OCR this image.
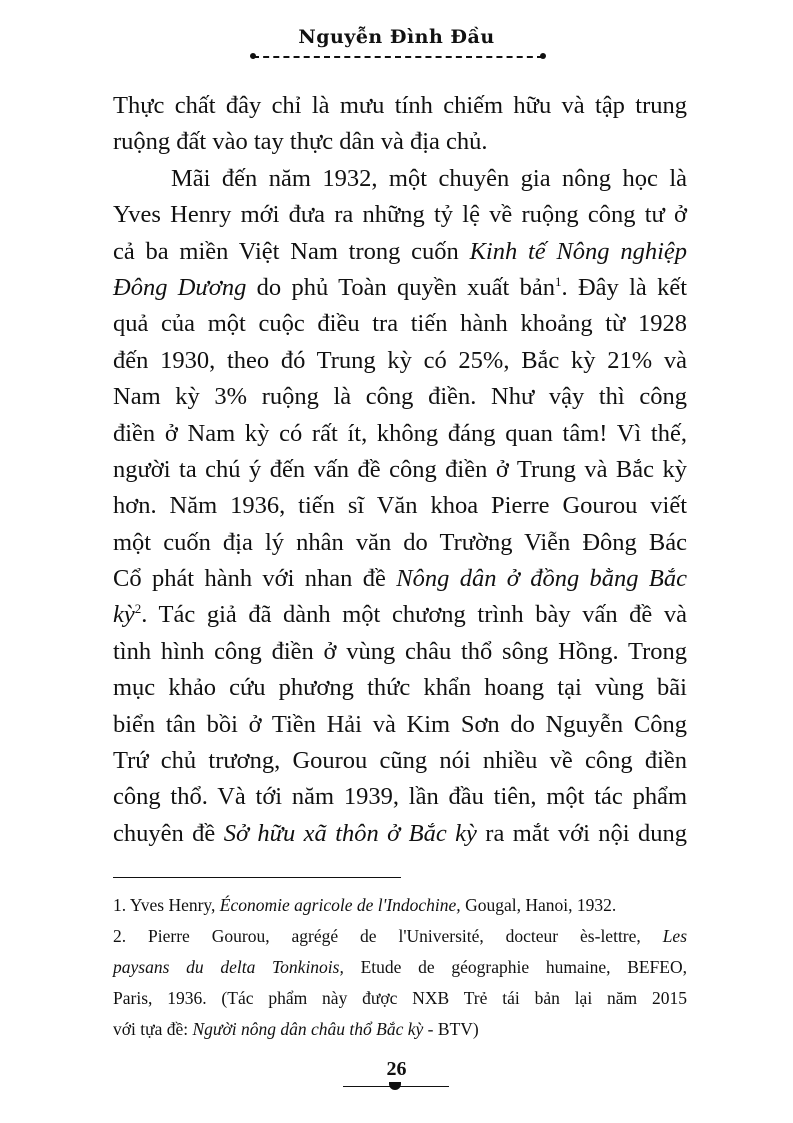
Nguyễn Đình Đầu
Thực chất đây chỉ là mưu tính chiếm hữu và tập trung
ruộng đất vào tay thực dân và địa chủ.
Mãi đến năm 1932, một chuyên gia nông học là
Yves Henry mới đưa ra những tỷ lệ về ruộng công tư ở
cả ba miền Việt Nam trong cuốn Kinh tế Nông nghiệp
Đông Dương do phủ Toàn quyền xuất bản$^1$. Đây là kết
quả của một cuộc điều tra tiến hành khoảng từ 1928
đến 1930, theo đó Trung kỳ có 25%, Bắc kỳ 21% và
Nam kỳ 3% ruộng là công điền. Như vậy thì công
điền ở Nam kỳ có rất ít, không đáng quan tâm! Vì thế,
người ta chú ý đến vấn đề công điền ở Trung và Bắc kỳ
hơn. Năm 1936, tiến sĩ Văn khoa Pierre Gourou viết
một cuốn địa lý nhân văn do Trường Viễn Đông Bác
Cổ phát hành với nhan đề Nông dân ở đồng bằng Bắc
kỳ$^2$. Tác giả đã dành một chương trình bày vấn đề và
tình hình công điền ở vùng châu thổ sông Hồng. Trong
mục khảo cứu phương thức khẩn hoang tại vùng bãi
biển tân bồi ở Tiền Hải và Kim Sơn do Nguyễn Công
Trứ chủ trương, Gourou cũng nói nhiều về công điền
công thổ. Và tới năm 1939, lần đầu tiên, một tác phẩm
chuyên đề Sở hữu xã thôn ở Bắc kỳ ra mắt với nội dung
1. Yves Henry, Économie agricole de l'Indochine, Gougal, Hanoi, 1932.
2. Pierre Gourou, agrégé de l'Université, docteur ès-lettre, Les
paysans du delta Tonkinois, Etude de géographie humaine, BEFEO,
Paris, 1936. (Tác phẩm này được NXB Trẻ tái bản lại năm 2015
với tựa đề: Người nông dân châu thổ Bắc kỳ - BTV)
26
